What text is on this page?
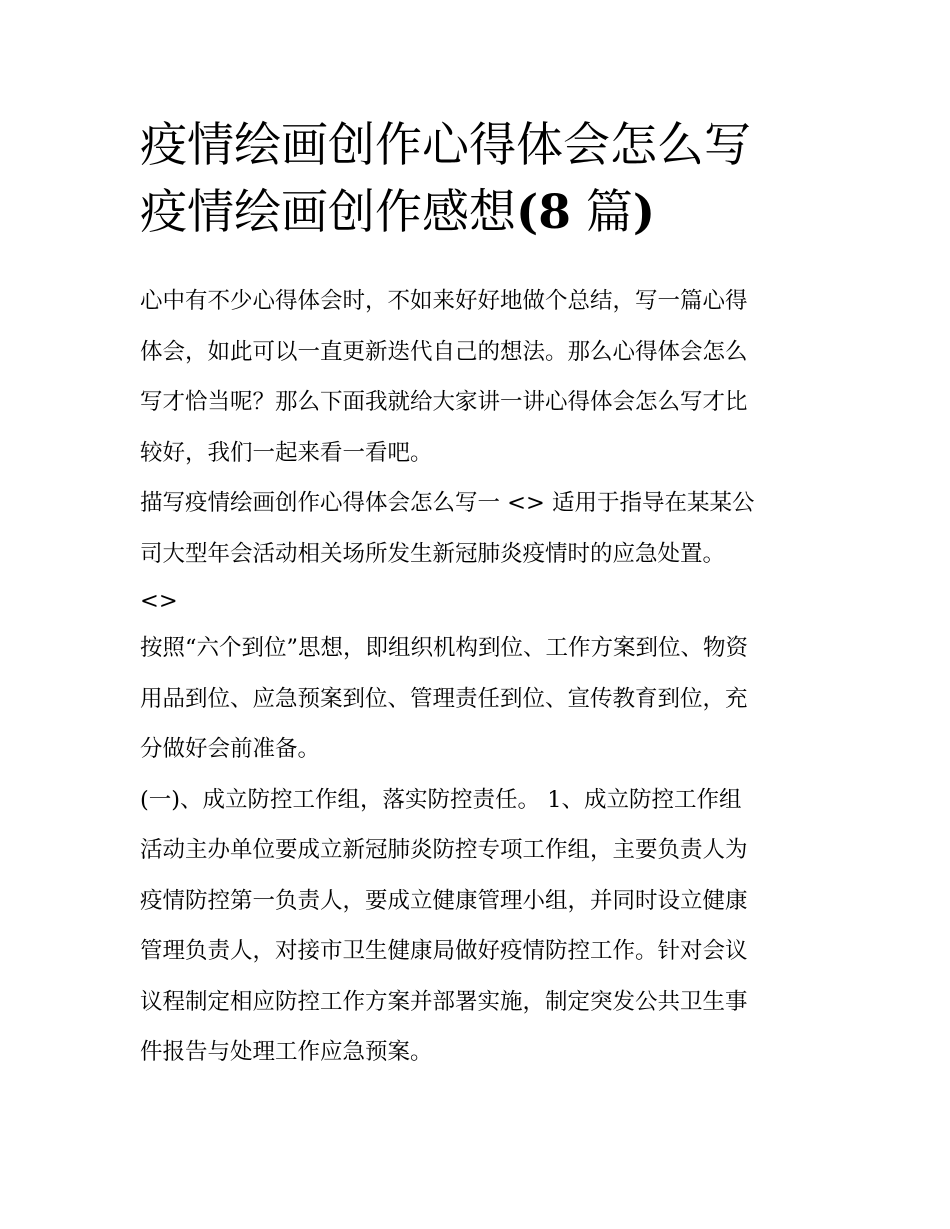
疫情绘画创作心得体会怎么写
疫情绘画创作感想(8 篇)
心中有不少心得体会时，不如来好好地做个总结，写一篇心得
体会，如此可以一直更新迭代自己的想法。那么心得体会怎么
写才恰当呢？那么下面我就给大家讲一讲心得体会怎么写才比
较好，我们一起来看一看吧。
描写疫情绘画创作心得体会怎么写一 <> 适用于指导在某某公
司大型年会活动相关场所发生新冠肺炎疫情时的应急处置。
<>
按照“六个到位”思想，即组织机构到位、工作方案到位、物资
用品到位、应急预案到位、管理责任到位、宣传教育到位，充
分做好会前准备。
(一)、成立防控工作组，落实防控责任。 1、成立防控工作组
活动主办单位要成立新冠肺炎防控专项工作组，主要负责人为
疫情防控第一负责人，要成立健康管理小组，并同时设立健康
管理负责人，对接市卫生健康局做好疫情防控工作。针对会议
议程制定相应防控工作方案并部署实施，制定突发公共卫生事
件报告与处理工作应急预案。
